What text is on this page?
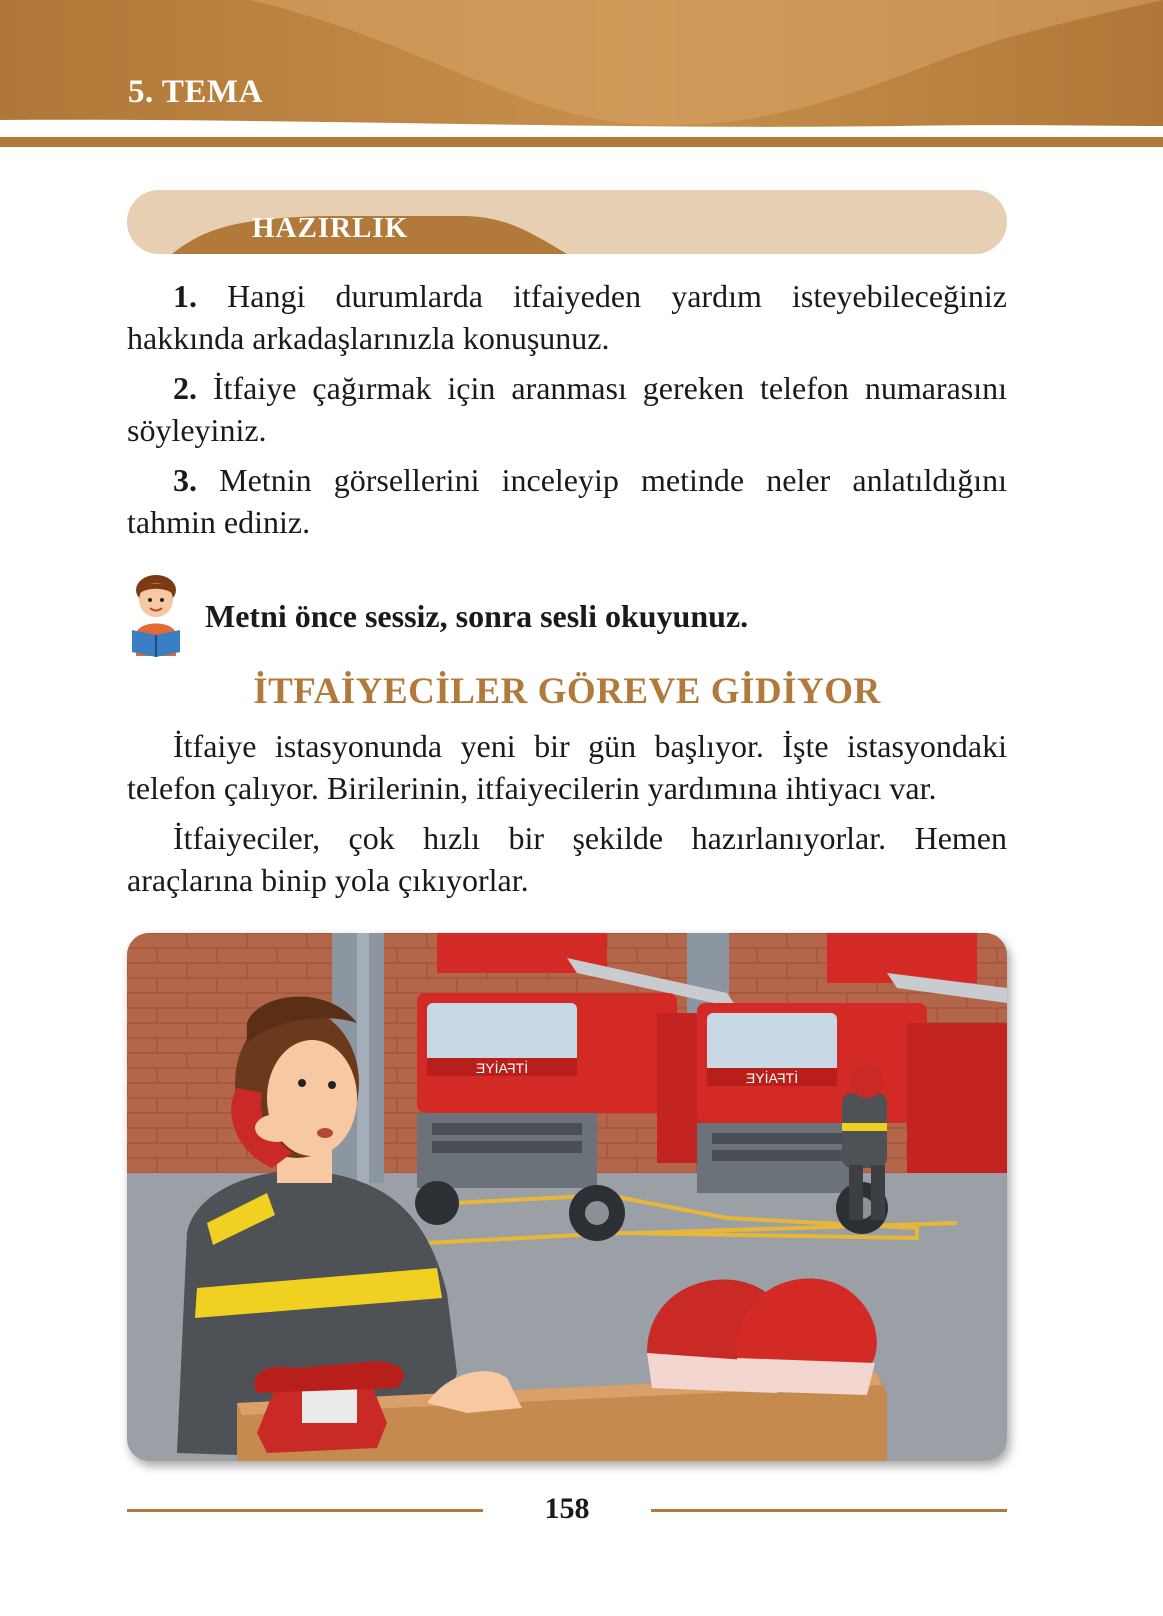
5. TEMA
HAZIRLIK
1. Hangi durumlarda itfaiyeden yardım isteyebileceğiniz hakkında arkadaşlarınızla konuşunuz.
2. İtfaiye çağırmak için aranması gereken telefon numarasını söyleyiniz.
3. Metnin görsellerini inceleyip metinde neler anlatıldığını tahmin ediniz.
Metni önce sessiz, sonra sesli okuyunuz.
İTFAİYECİLER GÖREVE GİDİYOR
İtfaiye istasyonunda yeni bir gün başlıyor. İşte istasyondaki telefon çalıyor. Birilerinin, itfaiyecilerin yardımına ihtiyacı var.
İtfaiyeciler, çok hızlı bir şekilde hazırlanıyorlar. Hemen araçlarına binip yola çıkıyorlar.
İTFAİYE
İTFAİYE
158
